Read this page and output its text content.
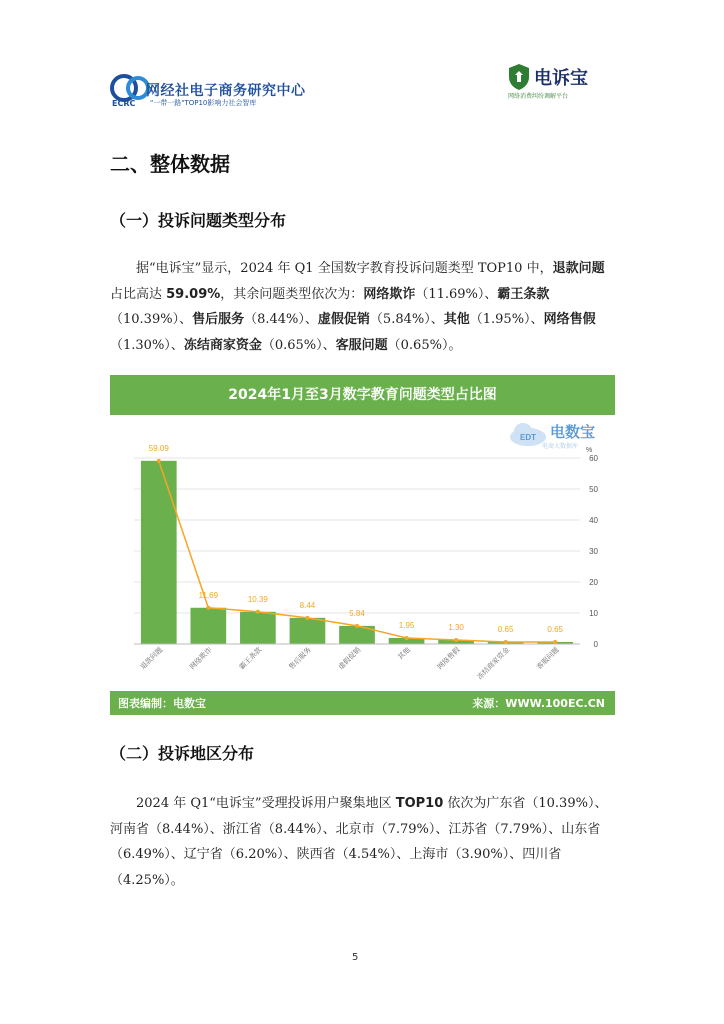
网经社电子商务研究中心
ECRC "一带一路"TOP10影响力社会智库
电诉宝
网络消费纠纷调解平台
二、整体数据
（一）投诉问题类型分布

据“电诉宝”显示，2024 年 Q1 全国数字教育投诉问题类型 TOP10 中，退款问题占比高达 59.09%，其余问题类型依次为：网络欺诈（11.69%）、霸王条款（10.39%）、售后服务（8.44%）、虚假促销（5.84%）、其他（1.95%）、网络售假（1.30%）、冻结商家资金（0.65%）、客服问题（0.65%）。

2024年1月至3月数字教育问题类型占比图
EDT 电数宝
电商大数据库
0
10
20
30
40
50
60
%
59.09
退款问题
11.69
网络欺诈
10.39
霸王条款
8.44
售后服务
5.84
虚假促销
1.95
其他
1.30
网络售假
0.65
冻结商家资金
0.65
客服问题
图表编制：电数宝	来源：WWW.100EC.CN
（二）投诉地区分布

2024 年 Q1“电诉宝”受理投诉用户聚集地区 TOP10 依次为广东省（10.39%）、河南省（8.44%）、浙江省（8.44%）、北京市（7.79%）、江苏省（7.79%）、山东省（6.49%）、辽宁省（6.20%）、陕西省（4.54%）、上海市（3.90%）、四川省（4.25%）。

5
